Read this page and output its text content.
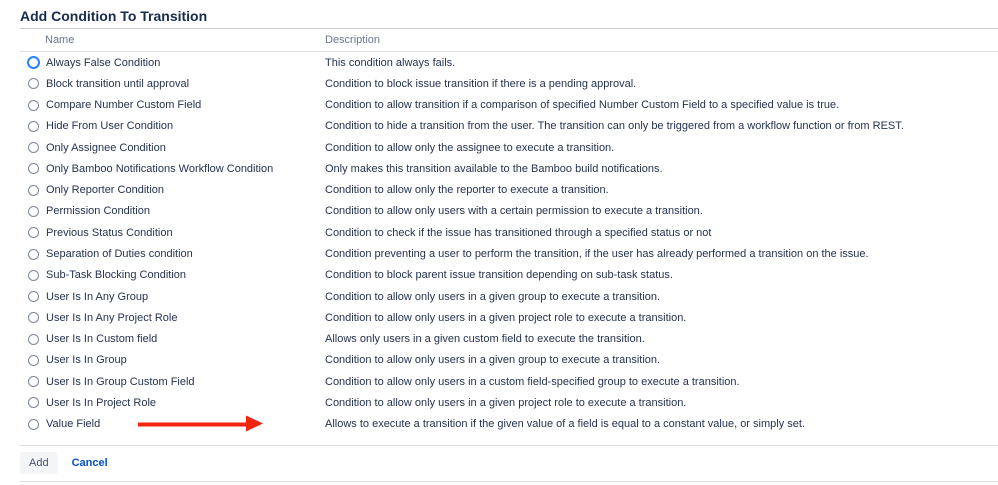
Add Condition To Transition
Name	Description
Always False Condition	This condition always fails.
Block transition until approval	Condition to block issue transition if there is a pending approval.
Compare Number Custom Field	Condition to allow transition if a comparison of specified Number Custom Field to a specified value is true.
Hide From User Condition	Condition to hide a transition from the user. The transition can only be triggered from a workflow function or from REST.
Only Assignee Condition	Condition to allow only the assignee to execute a transition.
Only Bamboo Notifications Workflow Condition	Only makes this transition available to the Bamboo build notifications.
Only Reporter Condition	Condition to allow only the reporter to execute a transition.
Permission Condition	Condition to allow only users with a certain permission to execute a transition.
Previous Status Condition	Condition to check if the issue has transitioned through a specified status or not
Separation of Duties condition	Condition preventing a user to perform the transition, if the user has already performed a transition on the issue.
Sub-Task Blocking Condition	Condition to block parent issue transition depending on sub-task status.
User Is In Any Group	Condition to allow only users in a given group to execute a transition.
User Is In Any Project Role	Condition to allow only users in a given project role to execute a transition.
User Is In Custom field	Allows only users in a given custom field to execute the transition.
User Is In Group	Condition to allow only users in a given group to execute a transition.
User Is In Group Custom Field	Condition to allow only users in a custom field-specified group to execute a transition.
User Is In Project Role	Condition to allow only users in a given project role to execute a transition.
Value Field	Allows to execute a transition if the given value of a field is equal to a constant value, or simply set.
Add	Cancel
